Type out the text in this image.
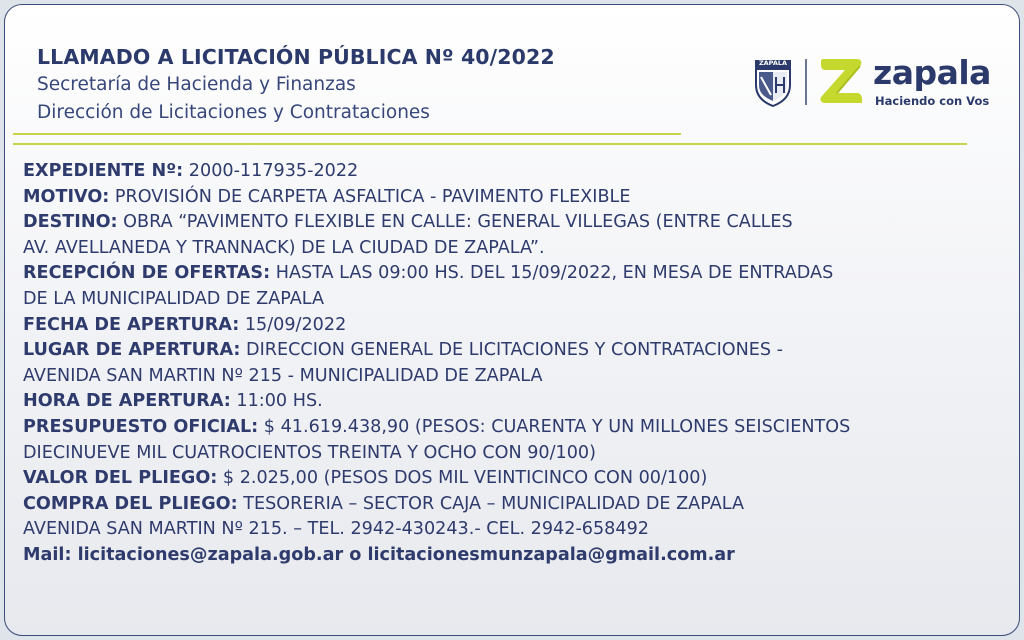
LLAMADO A LICITACIÓN PÚBLICA Nº 40/2022
Secretaría de Hacienda y Finanzas
Dirección de Licitaciones y Contrataciones
ZAPALA	zapala
Haciendo con Vos
EXPEDIENTE Nº: 2000-117935-2022
MOTIVO: PROVISIÓN DE CARPETA ASFALTICA - PAVIMENTO FLEXIBLE
DESTINO: OBRA “PAVIMENTO FLEXIBLE EN CALLE: GENERAL VILLEGAS (ENTRE CALLES
AV. AVELLANEDA Y TRANNACK) DE LA CIUDAD DE ZAPALA”.
RECEPCIÓN DE OFERTAS: HASTA LAS 09:00 HS. DEL 15/09/2022, EN MESA DE ENTRADAS
DE LA MUNICIPALIDAD DE ZAPALA
FECHA DE APERTURA: 15/09/2022
LUGAR DE APERTURA: DIRECCION GENERAL DE LICITACIONES Y CONTRATACIONES -
AVENIDA SAN MARTIN Nº 215 - MUNICIPALIDAD DE ZAPALA
HORA DE APERTURA: 11:00 HS.
PRESUPUESTO OFICIAL: $ 41.619.438,90 (PESOS: CUARENTA Y UN MILLONES SEISCIENTOS
DIECINUEVE MIL CUATROCIENTOS TREINTA Y OCHO CON 90/100)
VALOR DEL PLIEGO: $ 2.025,00 (PESOS DOS MIL VEINTICINCO CON 00/100)
COMPRA DEL PLIEGO: TESORERIA – SECTOR CAJA – MUNICIPALIDAD DE ZAPALA
AVENIDA SAN MARTIN Nº 215. – TEL. 2942-430243.- CEL. 2942-658492
Mail: licitaciones@zapala.gob.ar o licitacionesmunzapala@gmail.com.ar
